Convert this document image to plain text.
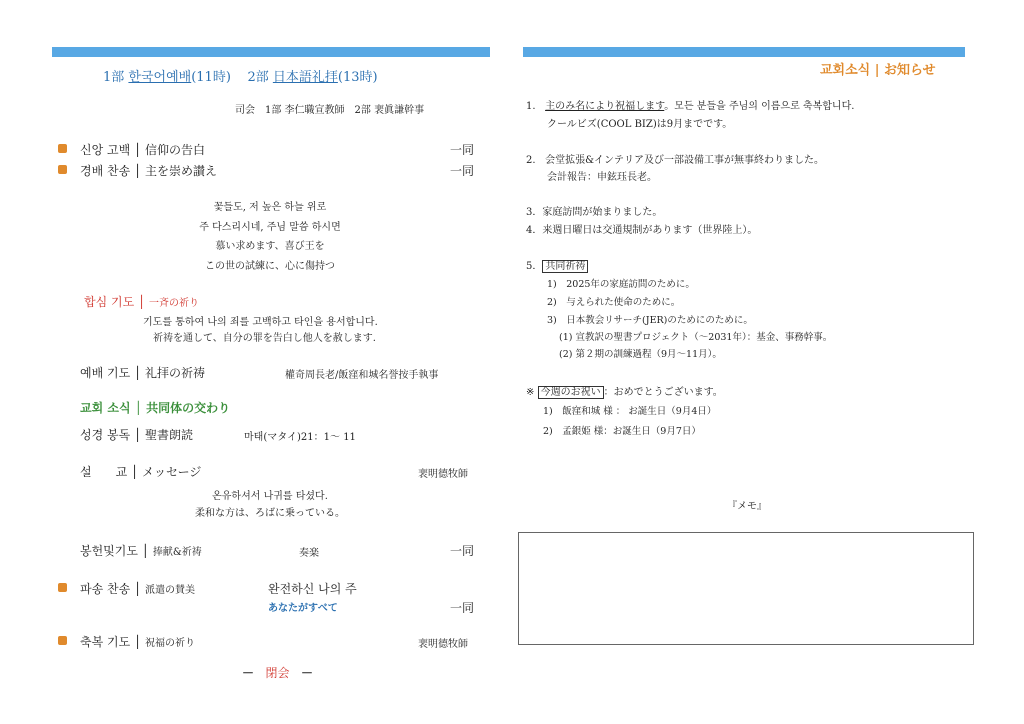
1部 한국어예배(11時) 2部 日本語礼拝(13時)
司会　1部 李仁職宣教師　2部 裵眞謙幹事
신앙 고백 │ 信仰の告白	一同
경배 찬송 │ 主を崇め讃え	一同
꽃들도, 저 높은 하늘 위로
주 다스리시네, 주님 말씀 하시면
慕い求めます、喜び王を
この世の試練に、心に傷持つ
합심 기도 │ 一斉の祈り
기도를 통하여 나의 죄를 고백하고 타인을 용서합니다.
祈祷を通して、自分の罪を告白し他人を赦します.
예배 기도 │ 礼拝の祈祷	權奇周長老/飯窪和城名誉按手執事
교회 소식 │ 共同体の交わり
성경 봉독 │ 聖書朗読	마태(マタイ)21：1～ 11
설　　교 │ メッセージ	裵明德牧師
온유하셔서 나귀를 타셨다.
柔和な方は、ろばに乗っている。
봉헌및기도 │ 捧献&祈祷	奏楽	一同
파송 찬송 │ 派遣の賛美	완전하신 나의 주
あなたがすべて	一同
축복 기도 │ 祝福の祈り	裵明德牧師
－ 閉会 －
교회소식 | お知らせ
1. 主のみ名により祝福します。모든 분들을 주님의 이름으로 축복합니다.
クールビズ(COOL BIZ)は9月までです。
2. 会堂拡張&インテリア及び一部設備工事が無事終わりました。
会計報告：申鉉珏長老。
3．家庭訪問が始まりました。
4．来週日曜日は交通規制があります（世界陸上）。
5． 共同祈祷
1)　2025年の家庭訪問のために。
2)　与えられた使命のために。
3)　日本教会リサーチ(JER)のためにのために。
(1) 宣教訳の聖書プロジェクト（～2031年）：基金、事務幹事。
(2) 第２期の訓練過程（9月～11月）。
※ 今週のお祝い ：おめでとうございます。
1)　飯窪和城 様 ： お誕生日（9月4日）
2)　孟銀姫 様：お誕生日（9月7日）
『メモ』
